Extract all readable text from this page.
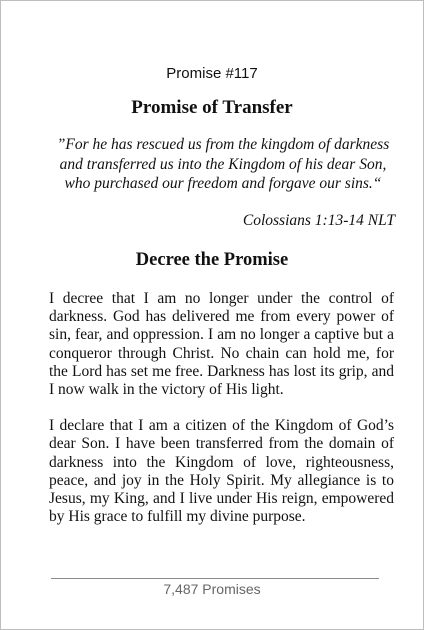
Promise #117
Promise of Transfer
”For he has rescued us from the kingdom of darkness and transferred us into the Kingdom of his dear Son, who purchased our freedom and forgave our sins.“
Colossians 1:13-14 NLT
Decree the Promise

I decree that I am no longer under the control of darkness. God has delivered me from every power of sin, fear, and oppression. I am no longer a captive but a conqueror through Christ. No chain can hold me, for the Lord has set me free. Darkness has lost its grip, and I now walk in the victory of His light.

I declare that I am a citizen of the Kingdom of God’s dear Son. I have been transferred from the domain of darkness into the Kingdom of love, righteousness, peace, and joy in the Holy Spirit. My allegiance is to Jesus, my King, and I live under His reign, empowered by His grace to fulfill my divine purpose.

7,487 Promises
